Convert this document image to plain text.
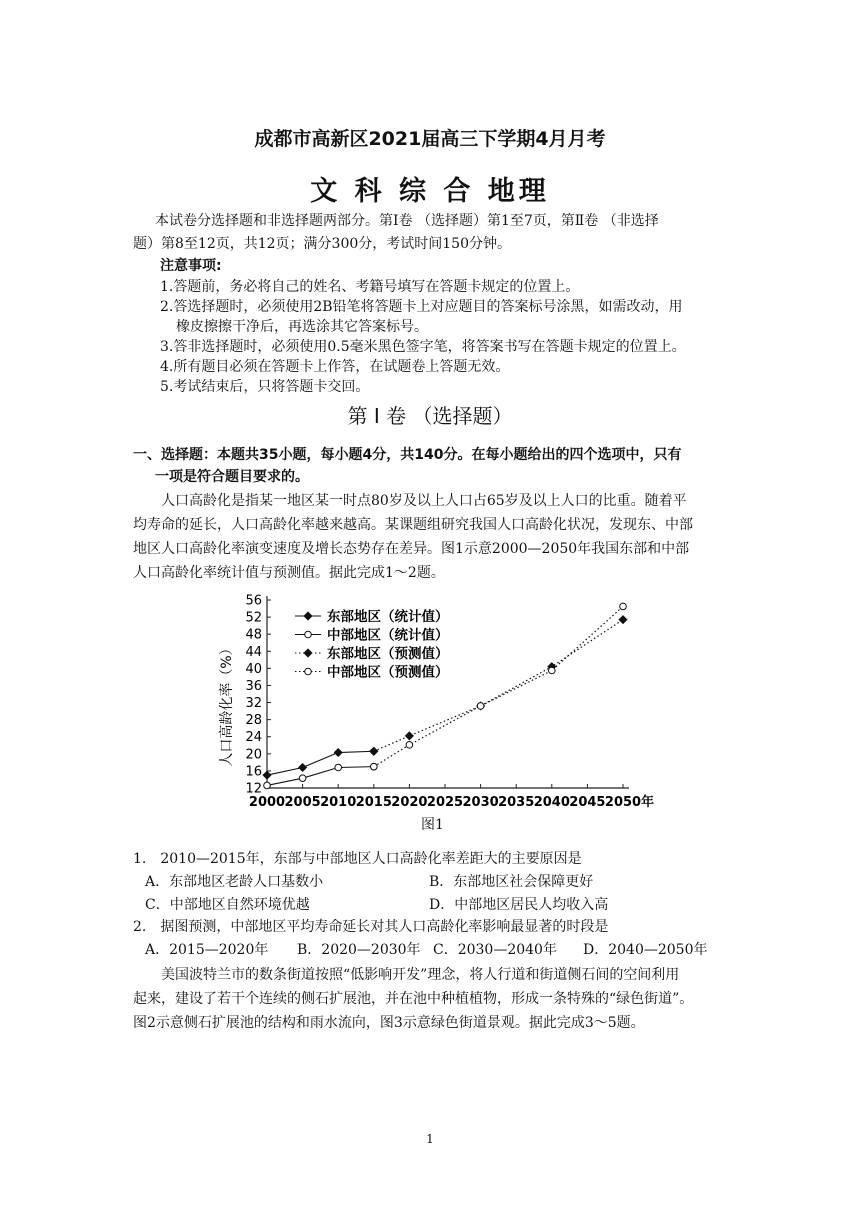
成都市高新区2021届高三下学期4月月考
文 科 综 合 地理
本试卷分选择题和非选择题两部分。第Ⅰ卷 （选择题）第1至7页，第Ⅱ卷 （非选择
题）第8至12页，共12页；满分300分，考试时间150分钟。
注意事项:
1.答题前，务必将自己的姓名、考籍号填写在答题卡规定的位置上。
2.答选择题时，必须使用2B铅笔将答题卡上对应题目的答案标号涂黑，如需改动，用
橡皮擦擦干净后，再选涂其它答案标号。
3.答非选择题时，必须使用0.5毫米黑色签字笔，将答案书写在答题卡规定的位置上。
4.所有题目必须在答题卡上作答，在试题卷上答题无效。
5.考试结束后，只将答题卡交回。
第 Ⅰ 卷 （选择题）
一、选择题：本题共35小题，每小题4分，共140分。在每小题给出的四个选项中，只有
一项是符合题目要求的。
人口高龄化是指某一地区某一时点80岁及以上人口占65岁及以上人口的比重。随着平
均寿命的延长，人口高龄化率越来越高。某课题组研究我国人口高龄化状况，发现东、中部
地区人口高龄化率演变速度及增长态势存在差异。图1示意2000—2050年我国东部和中部
人口高龄化率统计值与预测值。据此完成1～2题。
12
16
20
24
28
32
36
40
44
48
52
56
2000 2005 2010 2015 2020 2025 2030 2035 2040 2045 2050 年
东部地区（统计值）
中部地区（统计值）
东部地区（预测值）
中部地区（预测值）
人口高龄化率（%）
图1
1.　2010—2015年，东部与中部地区人口高龄化率差距大的主要原因是
A．东部地区老龄人口基数小	B．东部地区社会保障更好
C．中部地区自然环境优越	D．中部地区居民人均收入高
2.　据图预测，中部地区平均寿命延长对其人口高龄化率影响最显著的时段是
A．2015—2020年 B．2020—2030年 C．2030—2040年 D．2040—2050年
美国波特兰市的数条街道按照“低影响开发”理念，将人行道和街道侧石间的空间利用
起来，建设了若干个连续的侧石扩展池，并在池中种植植物，形成一条特殊的“绿色街道”。
图2示意侧石扩展池的结构和雨水流向，图3示意绿色街道景观。据此完成3～5题。
1
